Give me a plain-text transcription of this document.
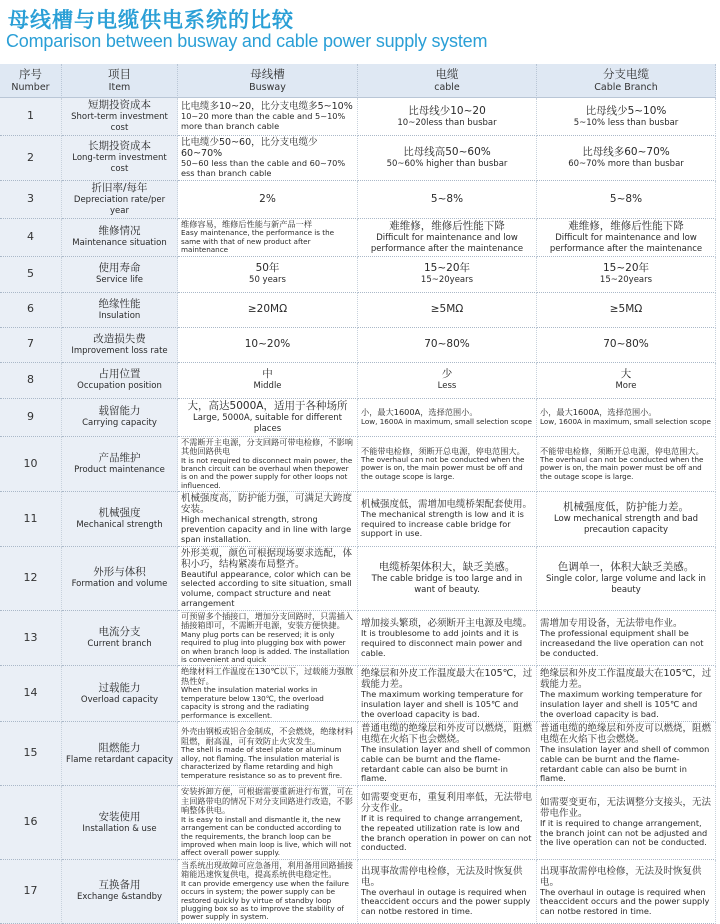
母线槽与电缆供电系统的比较
Comparison between busway and cable power supply system
序号
Number	项目
Item	母线槽
Busway	电缆
cable	分支电缆
Cable Branch

1	短期投资成本
Short-term investment cost	比电缆多10~20，比分支电缆多5~10%
10~20 more than the cable and 5~10% more than branch cable	比母线少10~20
10~20less than busbar	比母线少5~10%
5~10% less than busbar

2	长期投资成本
Long-term investment cost	比电缆少50~60，比分支电缆少60~70%
50~60 less than the cable and 60~70% ess than branch cable	比母线高50~60%
50~60% higher than busbar	比母线多60~70%
60~70% more than busbar

3	折旧率/每年
Depreciation rate/per year	2%	5~8%	5~8%

4	维修情况
Maintenance situation	维修容易，维修后性能与新产品一样
Easy maintenance, the performance is the same with that of new product after maintenance	难维修，维修后性能下降
Difficult for maintenance and low performance after the maintenance	难维修，维修后性能下降
Difficult for maintenance and low performance after the maintenance

5	使用寿命
Service life	50年
50 years	15~20年
15~20years	15~20年
15~20years

6	绝缘性能
Insulation	≥20MΩ	≥5MΩ	≥5MΩ

7	改造损失费
Improvement loss rate	10~20%	70~80%	70~80%

8	占用位置
Occupation position	中
Middle	少
Less	大
More

9	载留能力
Carrying capacity	大，高达5000A，适用于各种场所
Large, 5000A, suitable for different places	小，最大1600A，选择范围小。
Low, 1600A in maximum, small selection scope	小，最大1600A，选择范围小。
Low, 1600A in maximum, small selection scope

10	产品维护
Product maintenance	不需断开主电源，分支回路可带电检修，不影响其他回路供电
It is not required to disconnect main power, the branch circuit can be overhaul when thepower is on and the power supply for other loops not influenced.	不能带电检修，须断开总电源，停电范围大。
The overhaul can not be conducted when the power is on, the main power must be off and the outage scope is large.	不能带电检修，须断开总电源，停电范围大。
The overhaul can not be conducted when the power is on, the main power must be off and the outage scope is large.

11	机械强度
Mechanical strength	机械强度高，防护能力强，可满足大跨度安装。
High mechanical strength, strong prevention capacity and in line with large span installation.	机械强度低，需增加电缆桥架配套使用。
The mechanical strength is low and it is required to increase cable bridge for support in use.	机械强度低，防护能力差。
Low mechanical strength and bad precaution capacity

12	外形与体积
Formation and volume	外形美观，颜色可根据现场要求选配，体积小巧，结构紧凑布局整齐。
Beautiful appearance, color which can be selected according to site situation, small volume, compact structure and neat arrangement	电缆桥架体积大，缺乏美感。
The cable bridge is too large and in want of beauty.	色调单一，体积大缺乏美感。
Single color, large volume and lack in beauty

13	电流分支
Current branch	可预留多个插接口，增加分支回路时，只需插入插接箱即可，不需断开电源，安装方便快捷。
Many plug ports can be reserved; it is only required to plug into plugging box with power on when branch loop is added. The installation is convenient and quick	增加接头繁琐，必须断开主电源及电缆。
It is troublesome to add joints and it is required to disconnect main power and cable.	需增加专用设备，无法带电作业。
The professional equipment shall be increasedand the live operation can not be conducted.

14	过载能力
Overload capacity	绝缘材料工作温度在130℃以下，过载能力强散热性好。
When the insulation material works in temperature below 130℃, the overload capacity is strong and the radiating performance is excellent.	绝缘层和外皮工作温度最大在105℃，过载能力差。
The maximum working temperature for insulation layer and shell is 105℃ and the overload capacity is bad.	绝缘层和外皮工作温度最大在105℃，过载能力差。
The maximum working temperature for insulation layer and shell is 105℃ and the overload capacity is bad.

15	阻燃能力
Flame retardant capacity	外壳由钢板或铝合金制成，不会燃烧，绝缘材料阻燃，耐高温，可有效防止火灾发生。
The shell is made of steel plate or aluminum alloy, not flaming. The insulation material is characterized by flame retarding and high temperature resistance so as to prevent fire.	普通电缆的绝缘层和外皮可以燃烧，阻燃电缆在火焰下也会燃烧。
The insulation layer and shell of common cable can be burnt and the flame-retardant cable can also be burnt in flame.	普通电缆的绝缘层和外皮可以燃烧，阻燃电缆在火焰下也会燃烧。
The insulation layer and shell of common cable can be burnt and the flame-retardant cable can also be burnt in flame.

16	安装使用
Installation & use	安装拆卸方便，可根据需要重新进行布置，可在主回路带电的情况下对分支回路进行改造，不影响整体供电。
It is easy to install and dismantle it, the new arrangement can be conducted according to the requirements, the branch loop can be improved when main loop is live, which will not affect overall power supply.	如需要变更布，重复利用率低，无法带电分支作业。
If it is required to change arrangement, the repeated utilization rate is low and the branch operation in power on can not conducted.	如需要变更布，无法调整分支接头，无法带电作业。
If it is required to change arrangement, the branch joint can not be adjusted and the live operation can not be conducted.

17	互换备用
Exchange &standby	当系统出现故障可应急备用，利用备用回路插接箱能迅速恢复供电，提高系统供电稳定性。
It can provide emergency use when the failure occurs in system; the power supply can be restored quickly by virtue of standby loop plugging box so as to improve the stability of power supply in system.	出现事故需停电检修，无法及时恢复供电。
The overhaul in outage is required when theaccident occurs and the power supply can notbe restored in time.	出现事故需停电检修，无法及时恢复供电。
The overhaul in outage is required when theaccident occurs and the power supply can notbe restored in time.
